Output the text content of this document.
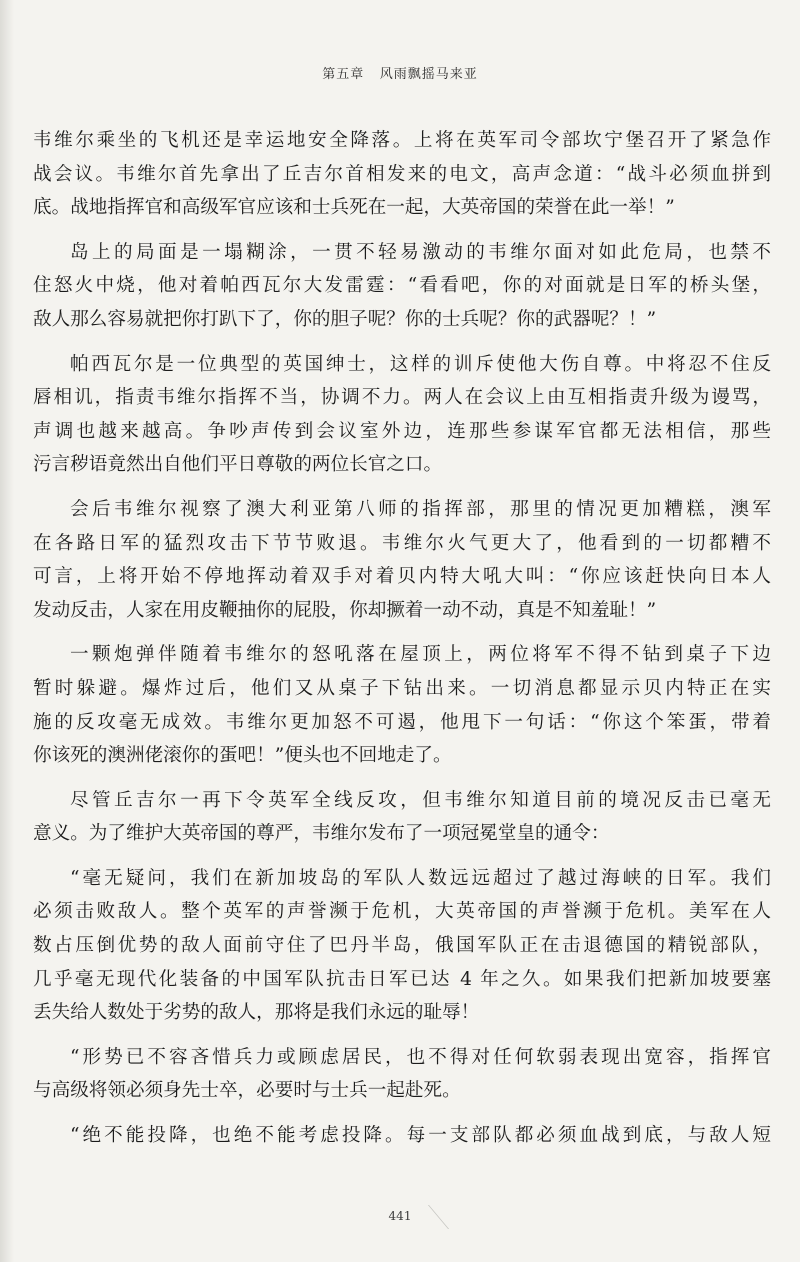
第五章 风雨飘摇马来亚
韦维尔乘坐的飞机还是幸运地安全降落。上将在英军司令部坎宁堡召开了紧急作
战会议。韦维尔首先拿出了丘吉尔首相发来的电文，高声念道：“战斗必须血拼到
底。战地指挥官和高级军官应该和士兵死在一起，大英帝国的荣誉在此一举！”
岛上的局面是一塌糊涂，一贯不轻易激动的韦维尔面对如此危局，也禁不
住怒火中烧，他对着帕西瓦尔大发雷霆：“看看吧，你的对面就是日军的桥头堡，
敌人那么容易就把你打趴下了，你的胆子呢？你的士兵呢？你的武器呢？！”
帕西瓦尔是一位典型的英国绅士，这样的训斥使他大伤自尊。中将忍不住反
唇相讥，指责韦维尔指挥不当，协调不力。两人在会议上由互相指责升级为谩骂，
声调也越来越高。争吵声传到会议室外边，连那些参谋军官都无法相信，那些
污言秽语竟然出自他们平日尊敬的两位长官之口。
会后韦维尔视察了澳大利亚第八师的指挥部，那里的情况更加糟糕，澳军
在各路日军的猛烈攻击下节节败退。韦维尔火气更大了，他看到的一切都糟不
可言，上将开始不停地挥动着双手对着贝内特大吼大叫：“你应该赶快向日本人
发动反击，人家在用皮鞭抽你的屁股，你却撅着一动不动，真是不知羞耻！”
一颗炮弹伴随着韦维尔的怒吼落在屋顶上，两位将军不得不钻到桌子下边
暂时躲避。爆炸过后，他们又从桌子下钻出来。一切消息都显示贝内特正在实
施的反攻毫无成效。韦维尔更加怒不可遏，他甩下一句话：“你这个笨蛋，带着
你该死的澳洲佬滚你的蛋吧！”便头也不回地走了。
尽管丘吉尔一再下令英军全线反攻，但韦维尔知道目前的境况反击已毫无
意义。为了维护大英帝国的尊严，韦维尔发布了一项冠冕堂皇的通令：
“毫无疑问，我们在新加坡岛的军队人数远远超过了越过海峡的日军。我们
必须击败敌人。整个英军的声誉濒于危机，大英帝国的声誉濒于危机。美军在人
数占压倒优势的敌人面前守住了巴丹半岛，俄国军队正在击退德国的精锐部队，
几乎毫无现代化装备的中国军队抗击日军已达 4 年之久。如果我们把新加坡要塞
丢失给人数处于劣势的敌人，那将是我们永远的耻辱！
“形势已不容吝惜兵力或顾虑居民，也不得对任何软弱表现出宽容，指挥官
与高级将领必须身先士卒，必要时与士兵一起赴死。
“绝不能投降，也绝不能考虑投降。每一支部队都必须血战到底，与敌人短
441
